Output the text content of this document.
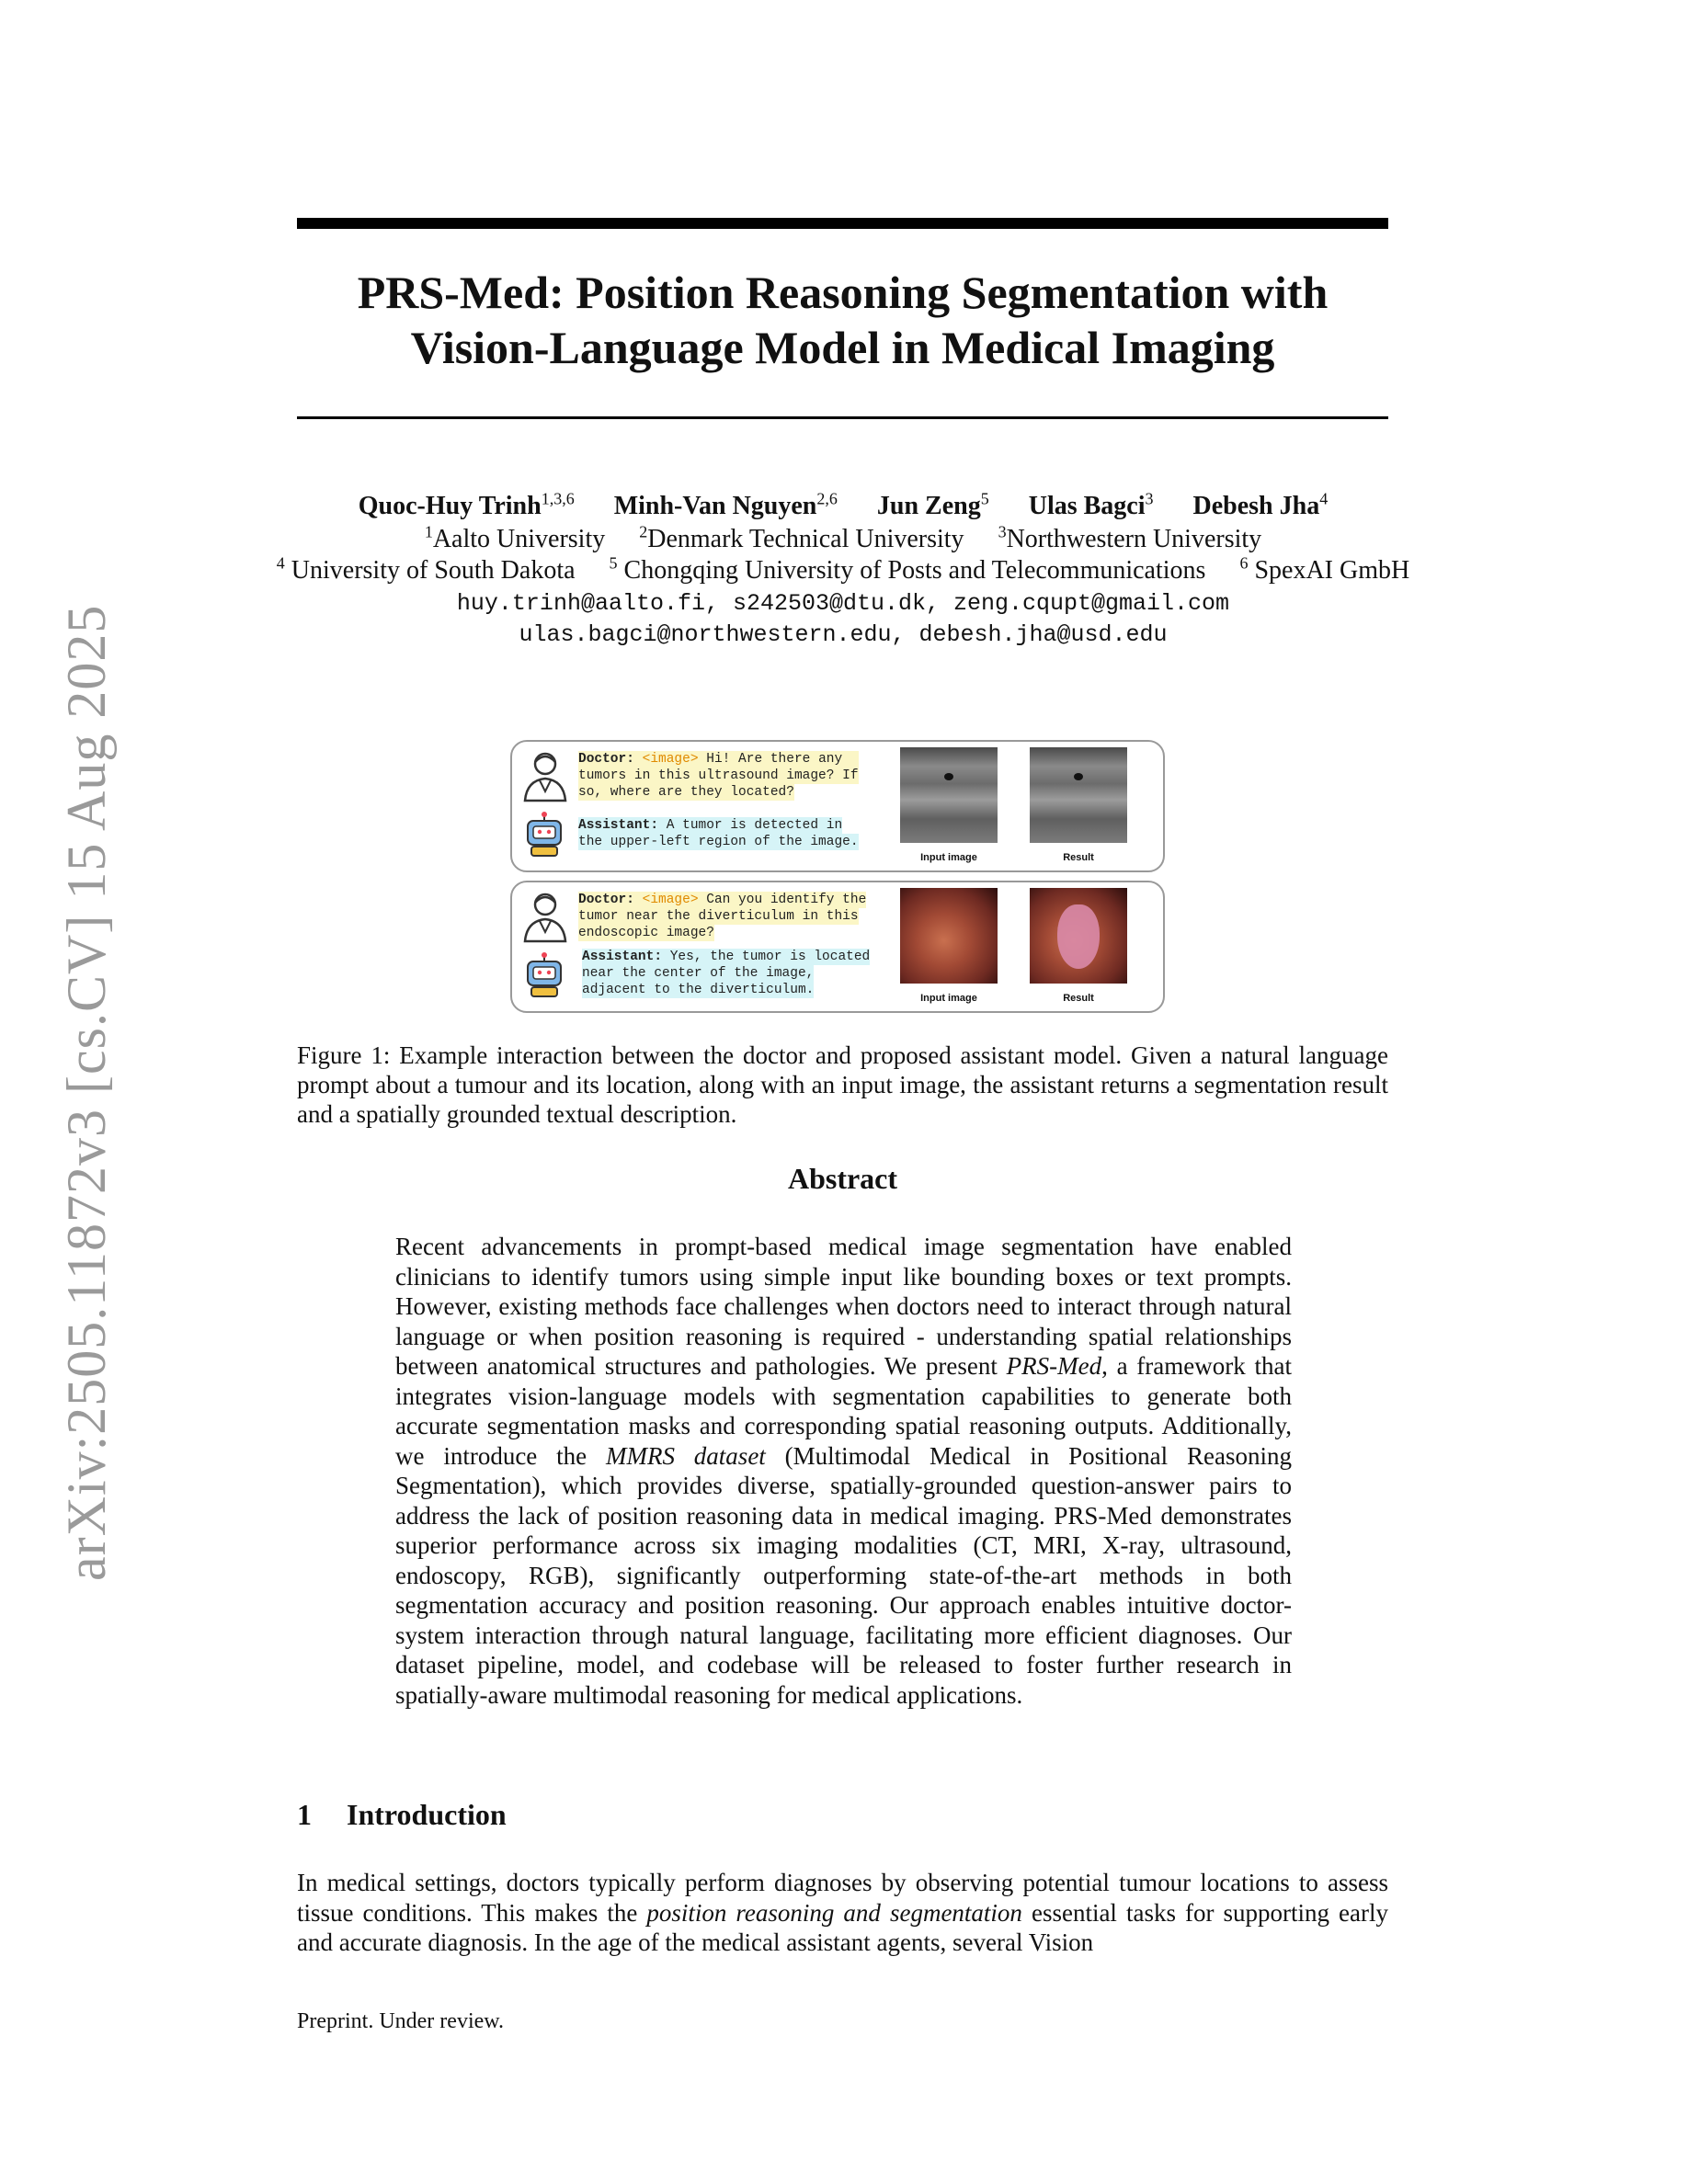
arXiv:2505.11872v3 [cs.CV] 15 Aug 2025
PRS-Med: Position Reasoning Segmentation with
Vision-Language Model in Medical Imaging
Quoc-Huy Trinh$^{1,3,6}$ Minh-Van Nguyen$^{2,6}$ Jun Zeng$^5$ Ulas Bagci$^3$ Debesh Jha$^4$
$^1$Aalto University $^2$Denmark Technical University $^3$Northwestern University
$^4$ University of South Dakota $^5$ Chongqing University of Posts and Telecommunications $^6$ SpexAI GmbH
huy.trinh@aalto.fi, s242503@dtu.dk, zeng.cqupt@gmail.com
ulas.bagci@northwestern.edu, debesh.jha@usd.edu
Doctor: <image> Hi! Are there any
tumors in this ultrasound image? If
so, where are they located?
Assistant: A tumor is detected in
the upper-left region of the image.
Input image	Result
Doctor: <image> Can you identify the
tumor near the diverticulum in this
endoscopic image?
Assistant: Yes, the tumor is located
near the center of the image,
adjacent to the diverticulum.
Input image	Result
Figure 1: Example interaction between the doctor and proposed assistant model. Given a natural language prompt about a tumour and its location, along with an input image, the assistant returns a segmentation result and a spatially grounded textual description.
Abstract
Recent advancements in prompt-based medical image segmentation have enabled clinicians to identify tumors using simple input like bounding boxes or text prompts. However, existing methods face challenges when doctors need to interact through natural language or when position reasoning is required - understanding spatial relationships between anatomical structures and pathologies. We present PRS-Med, a framework that integrates vision-language models with segmentation capabilities to generate both accurate segmentation masks and corresponding spatial reasoning outputs. Additionally, we introduce the MMRS dataset (Multimodal Medical in Positional Reasoning Segmentation), which provides diverse, spatially-grounded question-answer pairs to address the lack of position reasoning data in medical imaging. PRS-Med demonstrates superior performance across six imaging modalities (CT, MRI, X-ray, ultrasound, endoscopy, RGB), significantly outperforming state-of-the-art methods in both segmentation accuracy and position reasoning. Our approach enables intuitive doctor-system interaction through natural language, facilitating more efficient diagnoses. Our dataset pipeline, model, and codebase will be released to foster further research in spatially-aware multimodal reasoning for medical applications.
1 Introduction
In medical settings, doctors typically perform diagnoses by observing potential tumour locations to assess tissue conditions. This makes the position reasoning and segmentation essential tasks for supporting early and accurate diagnosis. In the age of the medical assistant agents, several Vision
Preprint. Under review.
